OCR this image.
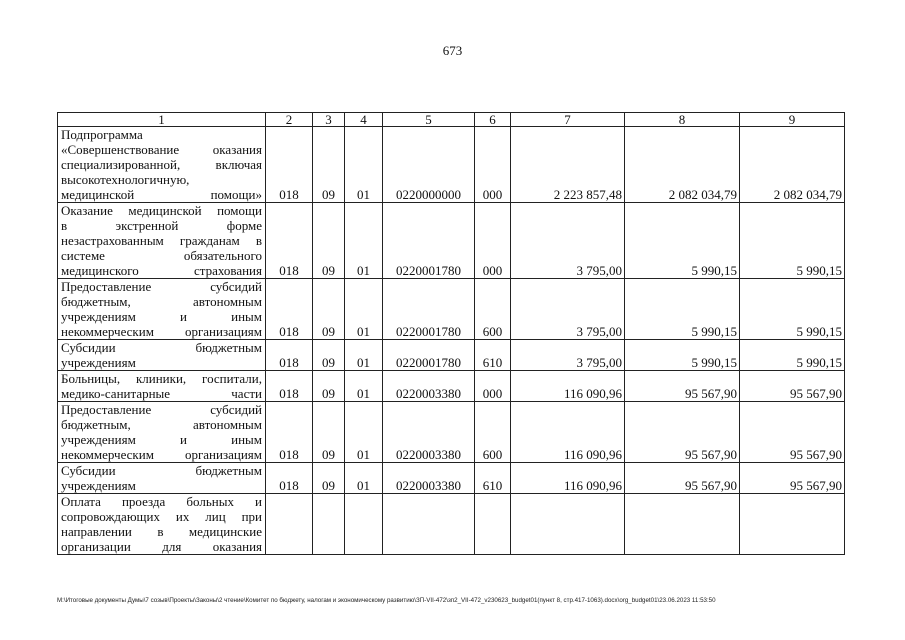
673
1	2	3	4	5	6	7	8	9

Подпрограмма
«Совершенствование оказания
специализированной, включая
высокотехнологичную,
медицинской помощи»	018	09	01	0220000000	000	2 223 857,48	2 082 034,79	2 082 034,79

Оказание медицинской помощи
в экстренной форме
незастрахованным гражданам в
системе обязательного
медицинского страхования	018	09	01	0220001780	000	3 795,00	5 990,15	5 990,15

Предоставление субсидий
бюджетным, автономным
учреждениям и иным
некоммерческим организациям	018	09	01	0220001780	600	3 795,00	5 990,15	5 990,15

Субсидии бюджетным
учреждениям	018	09	01	0220001780	610	3 795,00	5 990,15	5 990,15

Больницы, клиники, госпитали,
медико-санитарные части	018	09	01	0220003380	000	116 090,96	95 567,90	95 567,90

Предоставление субсидий
бюджетным, автономным
учреждениям и иным
некоммерческим организациям	018	09	01	0220003380	600	116 090,96	95 567,90	95 567,90

Субсидии бюджетным
учреждениям	018	09	01	0220003380	610	116 090,96	95 567,90	95 567,90

Оплата проезда больных и
сопровождающих их лиц при
направлении в медицинские
организации для оказания								

M:\Итоговые документы Думы\7 созыв\Проекты\Законы\2 чтение\Комитет по бюджету, налогам и экономическому развитию\ЗП-VII-472\зп2_VII-472_v230623_budget01(пункт 8, стр.417-1063).docx\org_budget01\23.06.2023 11:53:50
